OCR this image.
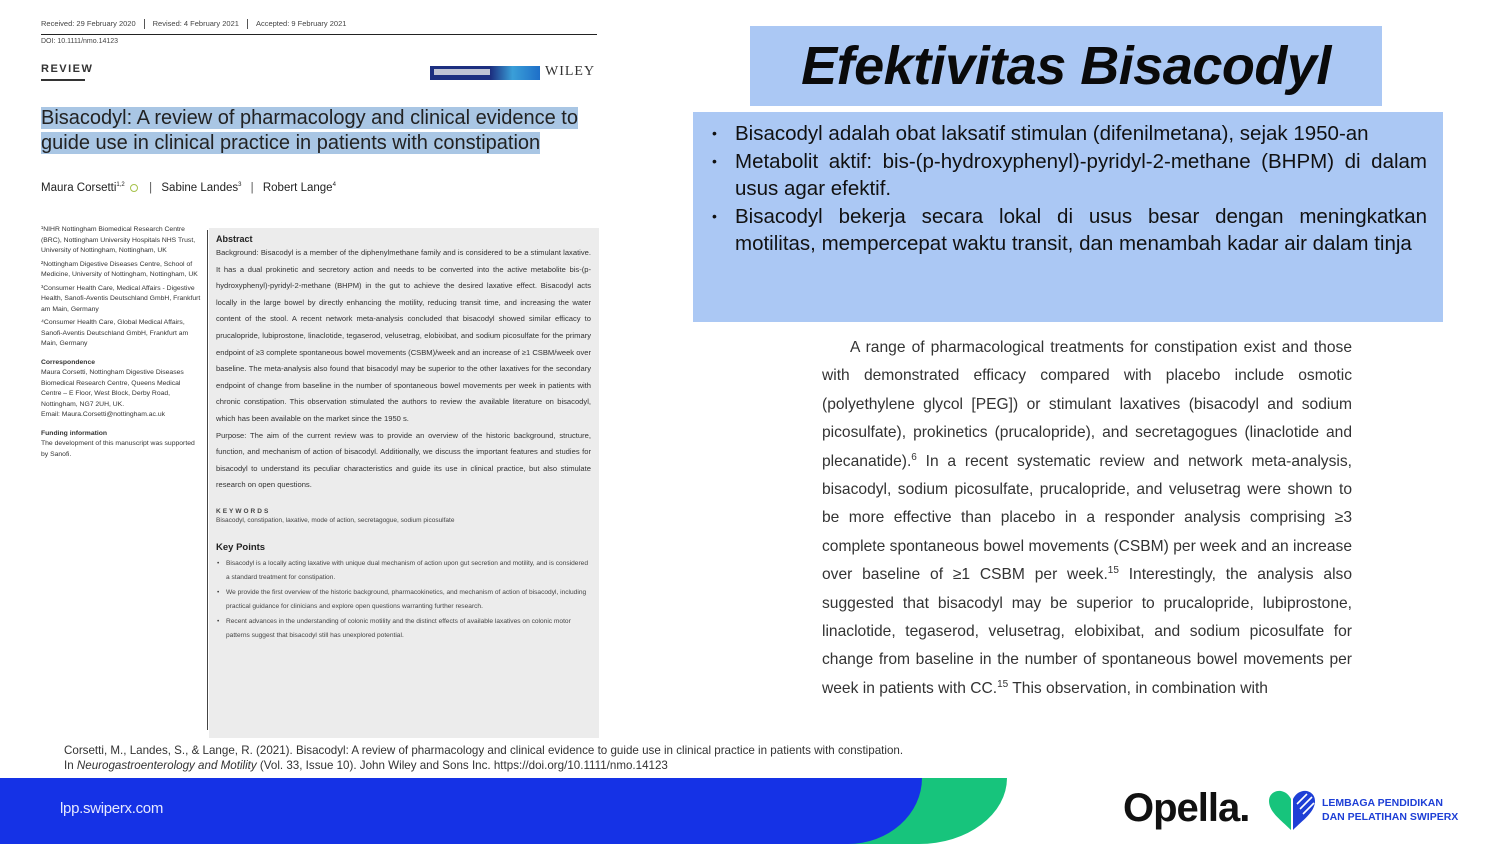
Received: 29 February 2020 Revised: 4 February 2021 Accepted: 9 February 2021
DOI: 10.1111/nmo.14123
REVIEW	WILEY
Bisacodyl: A review of pharmacology and clinical evidence to guide use in clinical practice in patients with constipation
Maura Corsetti$^{1,2}$ | Sabine Landes$^3$ | Robert Lange$^4$

¹NIHR Nottingham Biomedical Research Centre (BRC), Nottingham University Hospitals NHS Trust, University of Nottingham, Nottingham, UK

²Nottingham Digestive Diseases Centre, School of Medicine, University of Nottingham, Nottingham, UK

³Consumer Health Care, Medical Affairs - Digestive Health, Sanofi-Aventis Deutschland GmbH, Frankfurt am Main, Germany

⁴Consumer Health Care, Global Medical Affairs, Sanofi-Aventis Deutschland GmbH, Frankfurt am Main, Germany

Correspondence

Maura Corsetti, Nottingham Digestive Diseases Biomedical Research Centre, Queens Medical Centre – E Floor, West Block, Derby Road, Nottingham, NG7 2UH, UK.
Email: Maura.Corsetti@nottingham.ac.uk

Funding information

The development of this manuscript was supported by Sanofi.

Abstract

Background: Bisacodyl is a member of the diphenylmethane family and is considered to be a stimulant laxative. It has a dual prokinetic and secretory action and needs to be converted into the active metabolite bis-(p-hydroxyphenyl)-pyridyl-2-methane (BHPM) in the gut to achieve the desired laxative effect. Bisacodyl acts locally in the large bowel by directly enhancing the motility, reducing transit time, and increasing the water content of the stool. A recent network meta-analysis concluded that bisacodyl showed similar efficacy to prucalopride, lubiprostone, linaclotide, tegaserod, velusetrag, elobixibat, and sodium picosulfate for the primary endpoint of ≥3 complete spontaneous bowel movements (CSBM)/week and an increase of ≥1 CSBM/week over baseline. The meta-analysis also found that bisacodyl may be superior to the other laxatives for the secondary endpoint of change from baseline in the number of spontaneous bowel movements per week in patients with chronic constipation. This observation stimulated the authors to review the available literature on bisacodyl, which has been available on the market since the 1950 s.

Purpose: The aim of the current review was to provide an overview of the historic background, structure, function, and mechanism of action of bisacodyl. Additionally, we discuss the important features and studies for bisacodyl to understand its peculiar characteristics and guide its use in clinical practice, but also stimulate research on open questions.

KEYWORDS
Bisacodyl, constipation, laxative, mode of action, secretagogue, sodium picosulfate
Key Points
• Bisacodyl is a locally acting laxative with unique dual mechanism of action upon gut secretion and motility, and is considered a standard treatment for constipation.
• We provide the first overview of the historic background, pharmacokinetics, and mechanism of action of bisacodyl, including practical guidance for clinicians and explore open questions warranting further research.
• Recent advances in the understanding of colonic motility and the distinct effects of available laxatives on colonic motor patterns suggest that bisacodyl still has unexplored potential.
Efektivitas Bisacodyl
• Bisacodyl adalah obat laksatif stimulan (difenilmetana), sejak 1950-an
• Metabolit aktif: bis-(p-hydroxyphenyl)-pyridyl-2-methane (BHPM) di dalam usus agar efektif.
• Bisacodyl bekerja secara lokal di usus besar dengan meningkatkan motilitas, mempercepat waktu transit, dan menambah kadar air dalam tinja
A range of pharmacological treatments for constipation exist and those with demonstrated efficacy compared with placebo include osmotic (polyethylene glycol [PEG]) or stimulant laxatives (bisacodyl and sodium picosulfate), prokinetics (prucalopride), and secretagogues (linaclotide and plecanatide).$^6$ In a recent systematic review and network meta-analysis, bisacodyl, sodium picosulfate, prucalopride, and velusetrag were shown to be more effective than placebo in a responder analysis comprising ≥3 complete spontaneous bowel movements (CSBM) per week and an increase over baseline of ≥1 CSBM per week.$^{15}$ Interestingly, the analysis also suggested that bisacodyl may be superior to prucalopride, lubiprostone, linaclotide, tegaserod, velusetrag, elobixibat, and sodium picosulfate for change from baseline in the number of spontaneous bowel movements per week in patients with CC.$^{15}$ This observation, in combination with
Corsetti, M., Landes, S., & Lange, R. (2021). Bisacodyl: A review of pharmacology and clinical evidence to guide use in clinical practice in patients with constipation. In Neurogastroenterology and Motility (Vol. 33, Issue 10). John Wiley and Sons Inc. https://doi.org/10.1111/nmo.14123
lpp.swiperx.com	Opella.	LEMBAGA PENDIDIKAN
DAN PELATIHAN SWIPERX
